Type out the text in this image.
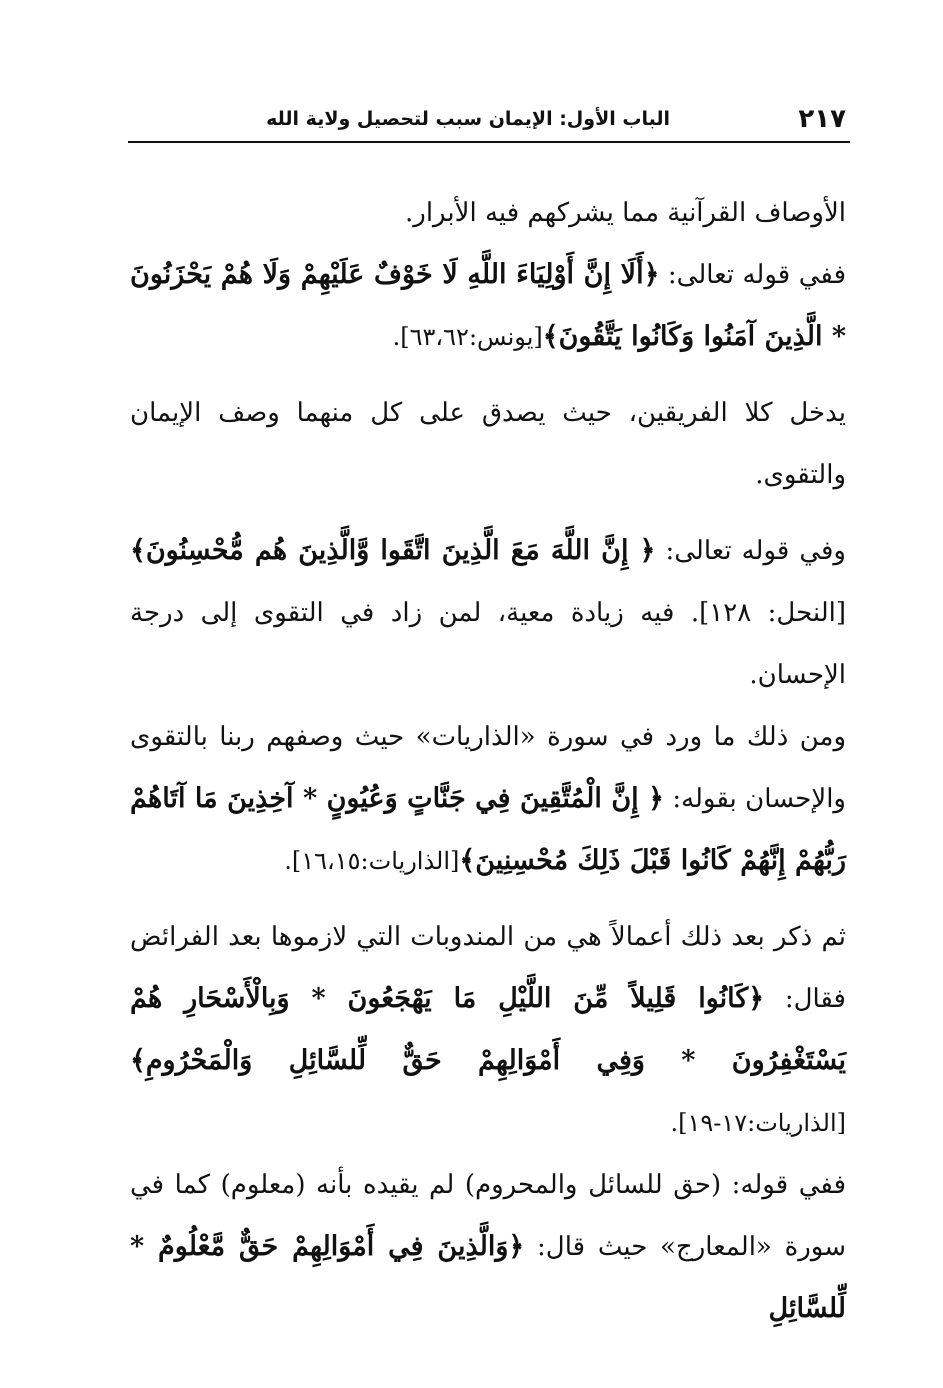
٢١٧
الباب الأول: الإيمان سبب لتحصيل ولاية الله

الأوصاف القرآنية مما يشركهم فيه الأبرار.

ففي قوله تعالى: ﴿أَلَا إِنَّ أَوْلِيَاءَ اللَّهِ لَا خَوْفٌ عَلَيْهِمْ وَلَا هُمْ يَحْزَنُونَ * الَّذِينَ آمَنُوا وَكَانُوا يَتَّقُونَ﴾[يونس:٦٣،٦٢].

يدخل كلا الفريقين، حيث يصدق على كل منهما وصف الإيمان والتقوى.

وفي قوله تعالى: ﴿ إِنَّ اللَّهَ مَعَ الَّذِينَ اتَّقَوا وَّالَّذِينَ هُم مُّحْسِنُونَ﴾[النحل: ١٢٨]. فيه زيادة معية، لمن زاد في التقوى إلى درجة الإحسان.

ومن ذلك ما ورد في سورة «الذاريات» حيث وصفهم ربنا بالتقوى والإحسان بقوله: ﴿ إِنَّ الْمُتَّقِينَ فِي جَنَّاتٍ وَعُيُونٍ * آخِذِينَ مَا آتَاهُمْ رَبُّهُمْ إِنَّهُمْ كَانُوا قَبْلَ ذَلِكَ مُحْسِنِينَ﴾[الذاريات:١٦،١٥].

ثم ذكر بعد ذلك أعمالاً هي من المندوبات التي لازموها بعد الفرائض فقال: ﴿كَانُوا قَلِيلاً مِّنَ اللَّيْلِ مَا يَهْجَعُونَ * وَبِالْأَسْحَارِ هُمْ يَسْتَغْفِرُونَ * وَفِي أَمْوَالِهِمْ حَقٌّ لِّلسَّائِلِ وَالْمَحْرُومِ﴾[الذاريات:١٧-١٩].

ففي قوله: (حق للسائل والمحروم) لم يقيده بأنه (معلوم) كما في سورة «المعارج» حيث قال: ﴿وَالَّذِينَ فِي أَمْوَالِهِمْ حَقٌّ مَّعْلُومٌ * لِّلسَّائِلِ
